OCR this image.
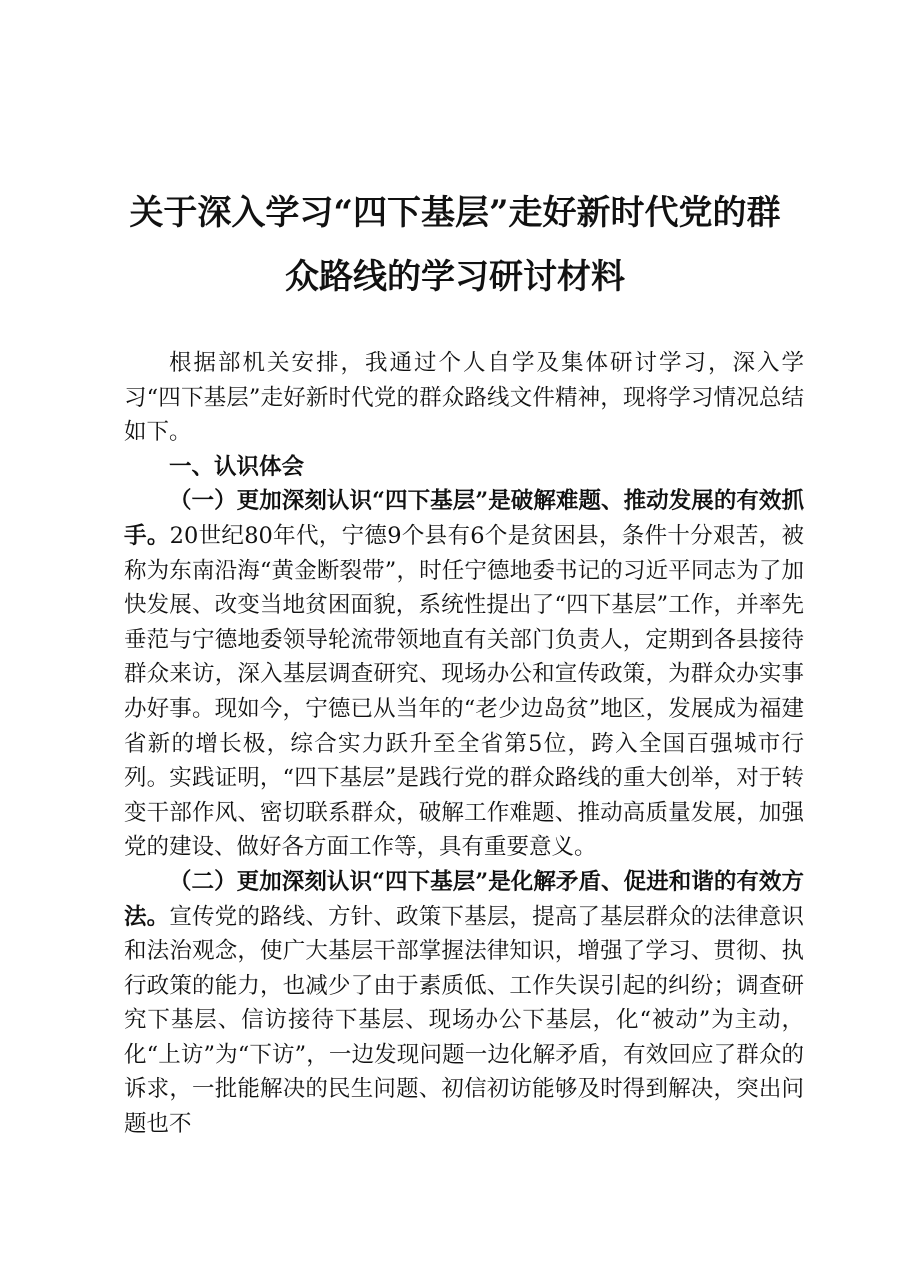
关于深入学习“四下基层”走好新时代党的群
众路线的学习研讨材料

根据部机关安排，我通过个人自学及集体研讨学习，深入学习“四下基层”走好新时代党的群众路线文件精神，现将学习情况总结如下。

一、认识体会

（一）更加深刻认识“四下基层”是破解难题、推动发展的有效抓手。20世纪80年代，宁德9个县有6个是贫困县，条件十分艰苦，被称为东南沿海“黄金断裂带”，时任宁德地委书记的习近平同志为了加快发展、改变当地贫困面貌，系统性提出了“四下基层”工作，并率先垂范与宁德地委领导轮流带领地直有关部门负责人，定期到各县接待群众来访，深入基层调查研究、现场办公和宣传政策，为群众办实事办好事。现如今，宁德已从当年的“老少边岛贫”地区，发展成为福建省新的增长极，综合实力跃升至全省第5位，跨入全国百强城市行列。实践证明，“四下基层”是践行党的群众路线的重大创举，对于转变干部作风、密切联系群众，破解工作难题、推动高质量发展，加强党的建设、做好各方面工作等，具有重要意义。

（二）更加深刻认识“四下基层”是化解矛盾、促进和谐的有效方法。宣传党的路线、方针、政策下基层，提高了基层群众的法律意识和法治观念，使广大基层干部掌握法律知识，增强了学习、贯彻、执行政策的能力，也减少了由于素质低、工作失误引起的纠纷；调查研究下基层、信访接待下基层、现场办公下基层，化“被动”为主动，化“上访”为“下访”，一边发现问题一边化解矛盾，有效回应了群众的诉求，一批能解决的民生问题、初信初访能够及时得到解决，突出问题也不
